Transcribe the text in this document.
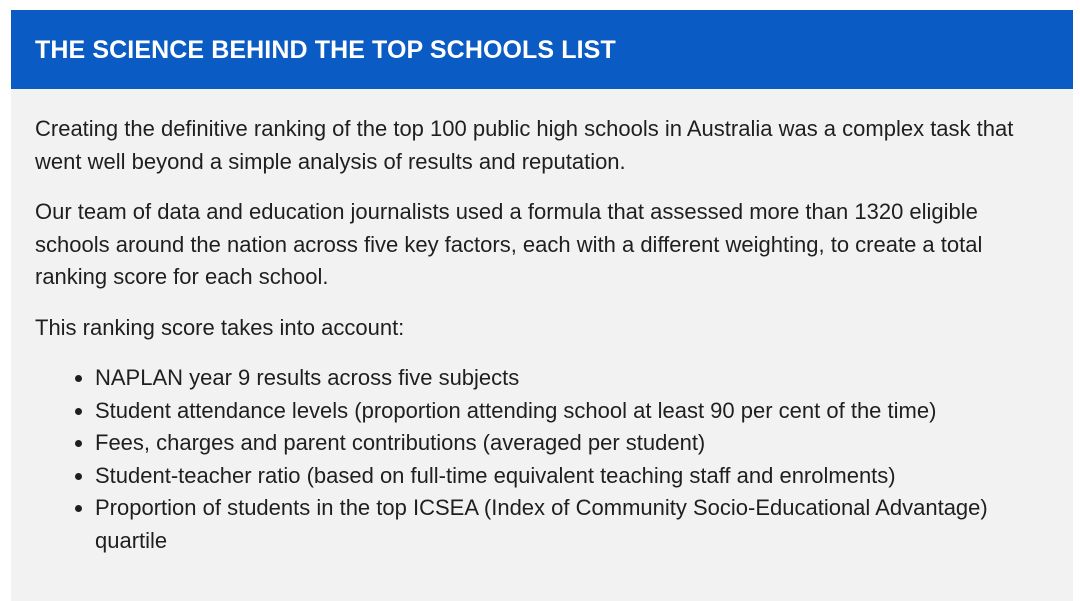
THE SCIENCE BEHIND THE TOP SCHOOLS LIST

Creating the definitive ranking of the top 100 public high schools in Australia was a complex task that went well beyond a simple analysis of results and reputation.

Our team of data and education journalists used a formula that assessed more than 1320 eligible schools around the nation across five key factors, each with a different weighting, to create a total ranking score for each school.

This ranking score takes into account:

• NAPLAN year 9 results across five subjects
• Student attendance levels (proportion attending school at least 90 per cent of the time)
• Fees, charges and parent contributions (averaged per student)
• Student-teacher ratio (based on full-time equivalent teaching staff and enrolments)
• Proportion of students in the top ICSEA (Index of Community Socio-Educational Advantage) quartile
